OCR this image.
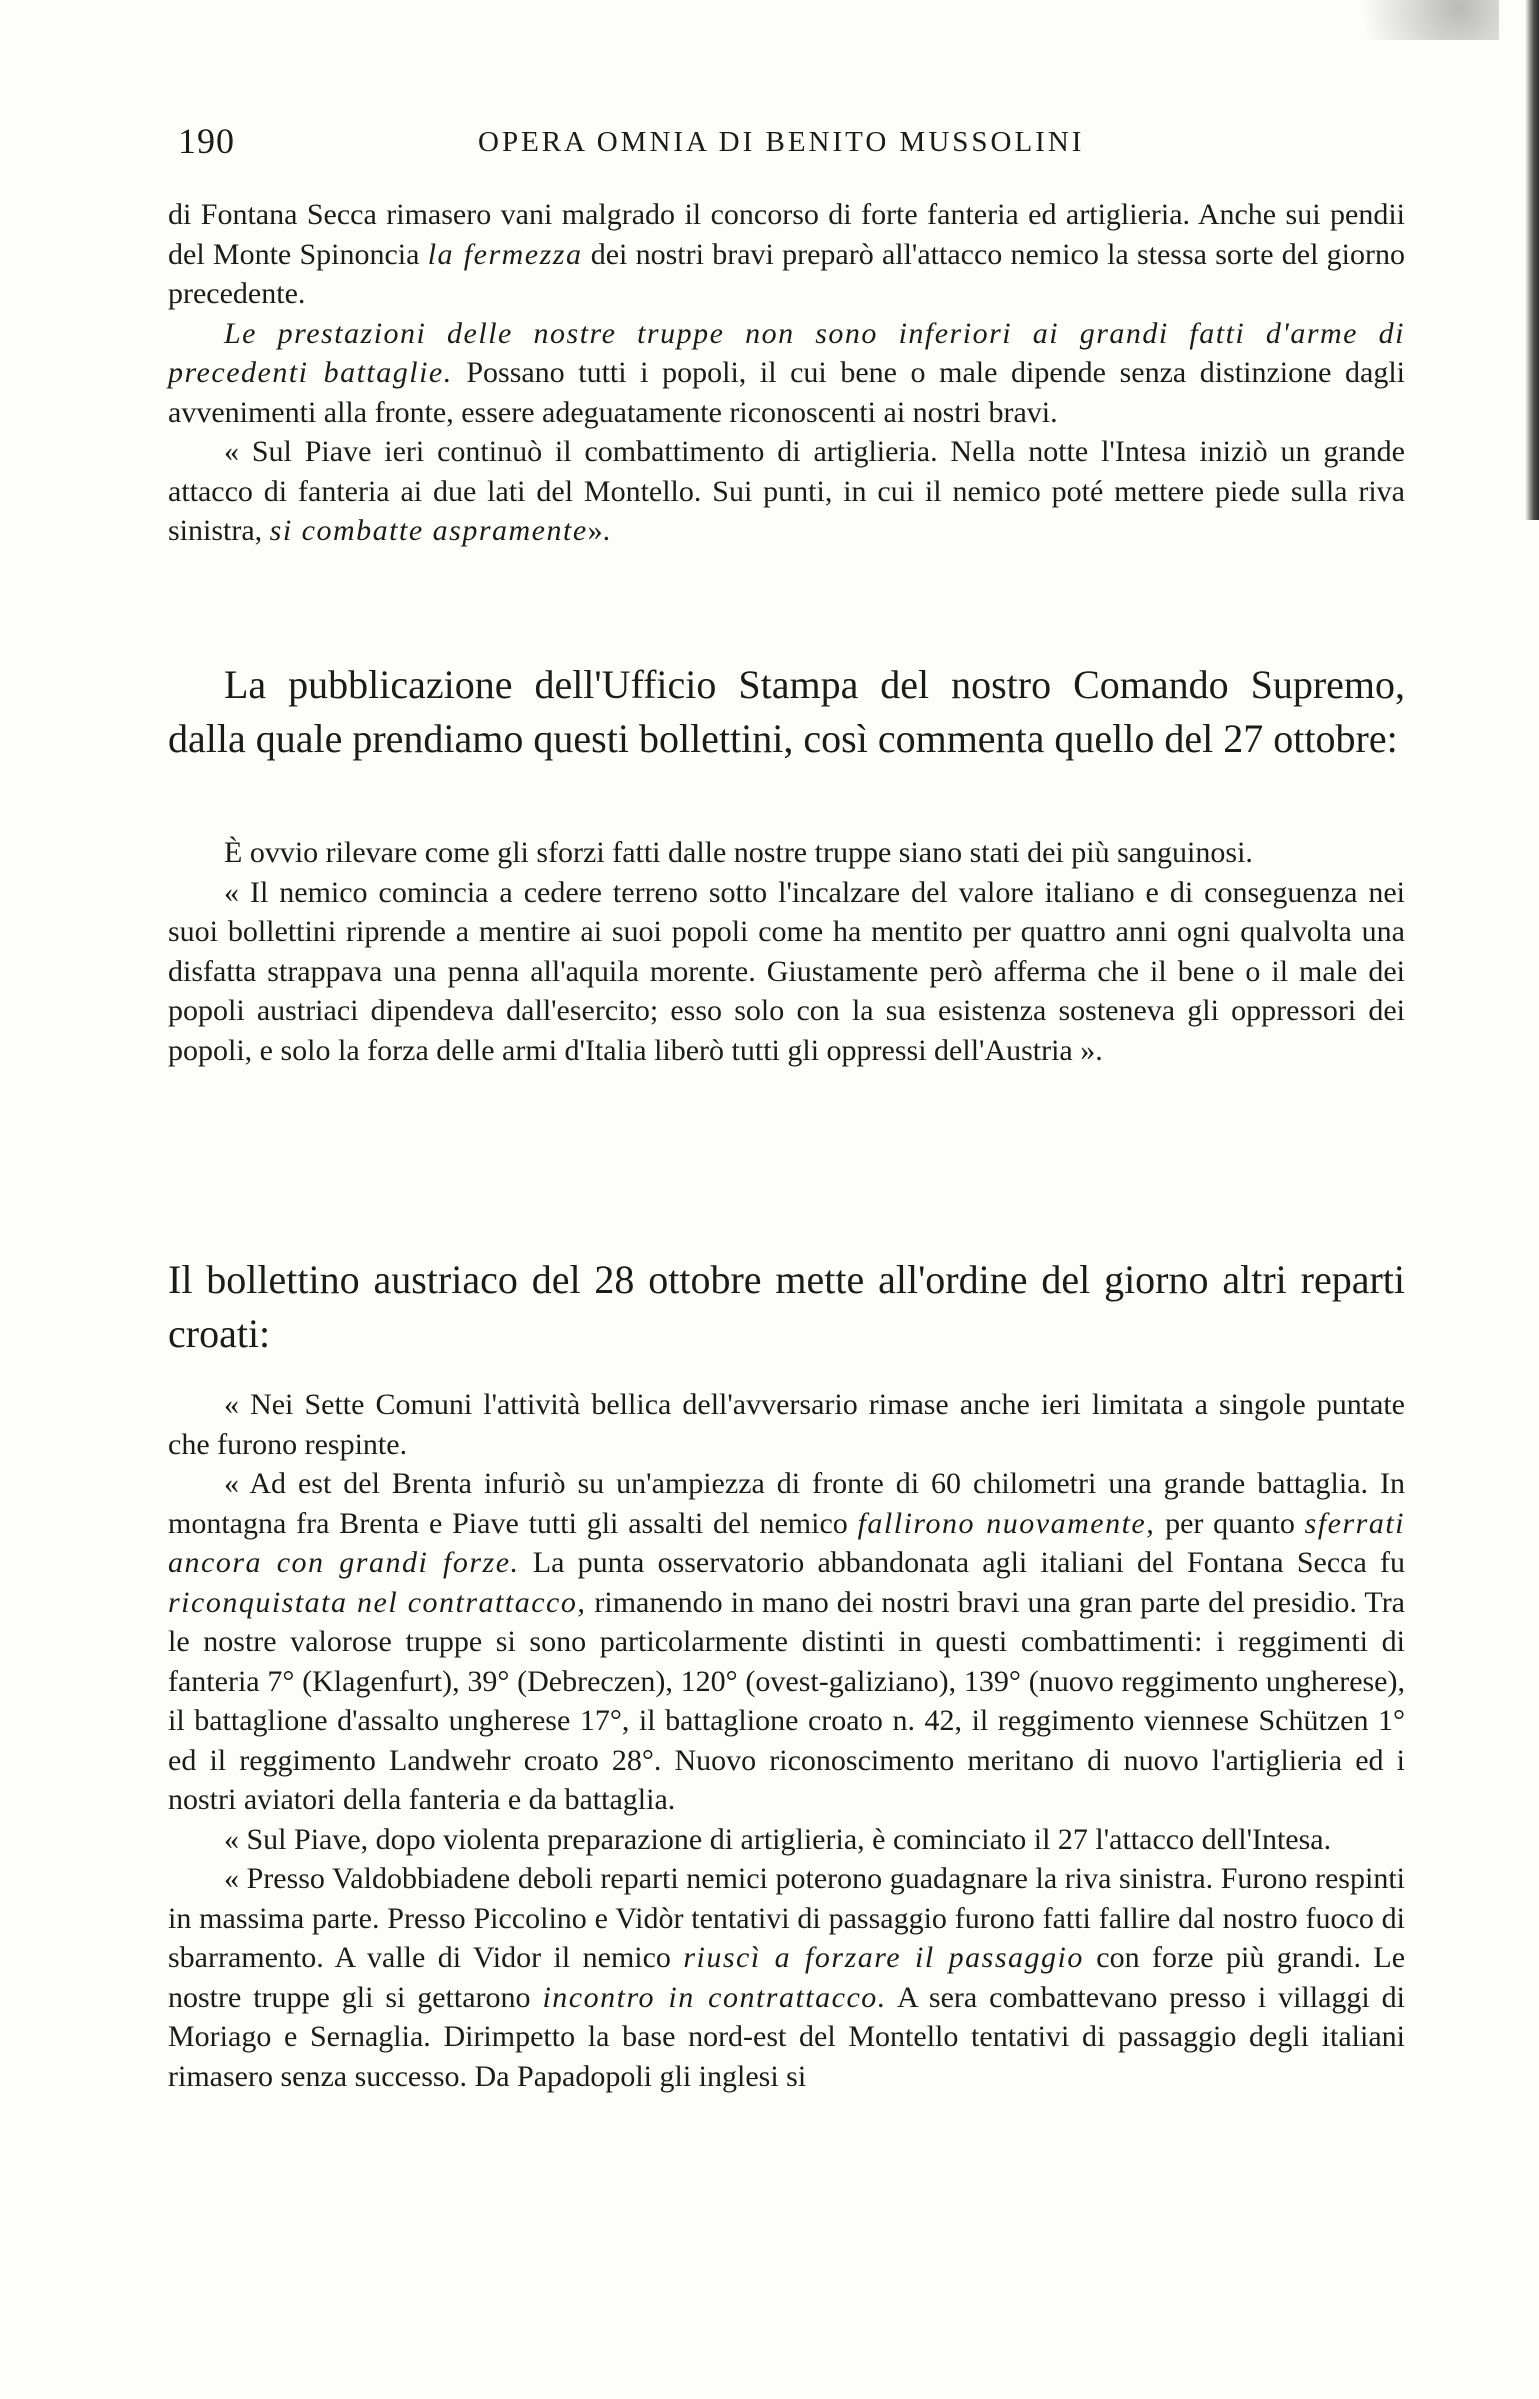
190	OPERA OMNIA DI BENITO MUSSOLINI

di Fontana Secca rimasero vani malgrado il concorso di forte fanteria ed artiglieria. Anche sui pendii del Monte Spinoncia la fermezza dei nostri bravi preparò all'attacco nemico la stessa sorte del giorno precedente.

Le prestazioni delle nostre truppe non sono inferiori ai grandi fatti d'arme di precedenti battaglie. Possano tutti i popoli, il cui bene o male dipende senza distinzione dagli avvenimenti alla fronte, essere adeguatamente riconoscenti ai nostri bravi.

« Sul Piave ieri continuò il combattimento di artiglieria. Nella notte l'Intesa iniziò un grande attacco di fanteria ai due lati del Montello. Sui punti, in cui il nemico poté mettere piede sulla riva sinistra, si combatte aspramente».

La pubblicazione dell'Ufficio Stampa del nostro Comando Supremo, dalla quale prendiamo questi bollettini, così commenta quello del 27 ottobre:

È ovvio rilevare come gli sforzi fatti dalle nostre truppe siano stati dei più sanguinosi.

« Il nemico comincia a cedere terreno sotto l'incalzare del valore italiano e di conseguenza nei suoi bollettini riprende a mentire ai suoi popoli come ha mentito per quattro anni ogni qualvolta una disfatta strappava una penna all'aquila morente. Giustamente però afferma che il bene o il male dei popoli austriaci dipendeva dall'esercito; esso solo con la sua esistenza sosteneva gli oppressori dei popoli, e solo la forza delle armi d'Italia liberò tutti gli oppressi dell'Austria ».

Il bollettino austriaco del 28 ottobre mette all'ordine del giorno altri reparti croati:

« Nei Sette Comuni l'attività bellica dell'avversario rimase anche ieri limitata a singole puntate che furono respinte.

« Ad est del Brenta infuriò su un'ampiezza di fronte di 60 chilometri una grande battaglia. In montagna fra Brenta e Piave tutti gli assalti del nemico fallirono nuovamente, per quanto sferrati ancora con grandi forze. La punta osservatorio abbandonata agli italiani del Fontana Secca fu riconquistata nel contrattacco, rimanendo in mano dei nostri bravi una gran parte del presidio. Tra le nostre valorose truppe si sono particolarmente distinti in questi combattimenti: i reggimenti di fanteria 7° (Klagenfurt), 39° (Debreczen), 120° (ovest-galiziano), 139° (nuovo reggimento ungherese), il battaglione d'assalto ungherese 17°, il battaglione croato n. 42, il reggimento viennese Schützen 1° ed il reggimento Landwehr croato 28°. Nuovo riconoscimento meritano di nuovo l'artiglieria ed i nostri aviatori della fanteria e da battaglia.

« Sul Piave, dopo violenta preparazione di artiglieria, è cominciato il 27 l'attacco dell'Intesa.

« Presso Valdobbiadene deboli reparti nemici poterono guadagnare la riva sinistra. Furono respinti in massima parte. Presso Piccolino e Vidòr tentativi di passaggio furono fatti fallire dal nostro fuoco di sbarramento. A valle di Vidor il nemico riuscì a forzare il passaggio con forze più grandi. Le nostre truppe gli si gettarono incontro in contrattacco. A sera combattevano presso i villaggi di Moriago e Sernaglia. Dirimpetto la base nord-est del Montello tentativi di passaggio degli italiani rimasero senza successo. Da Papadopoli gli inglesi si
